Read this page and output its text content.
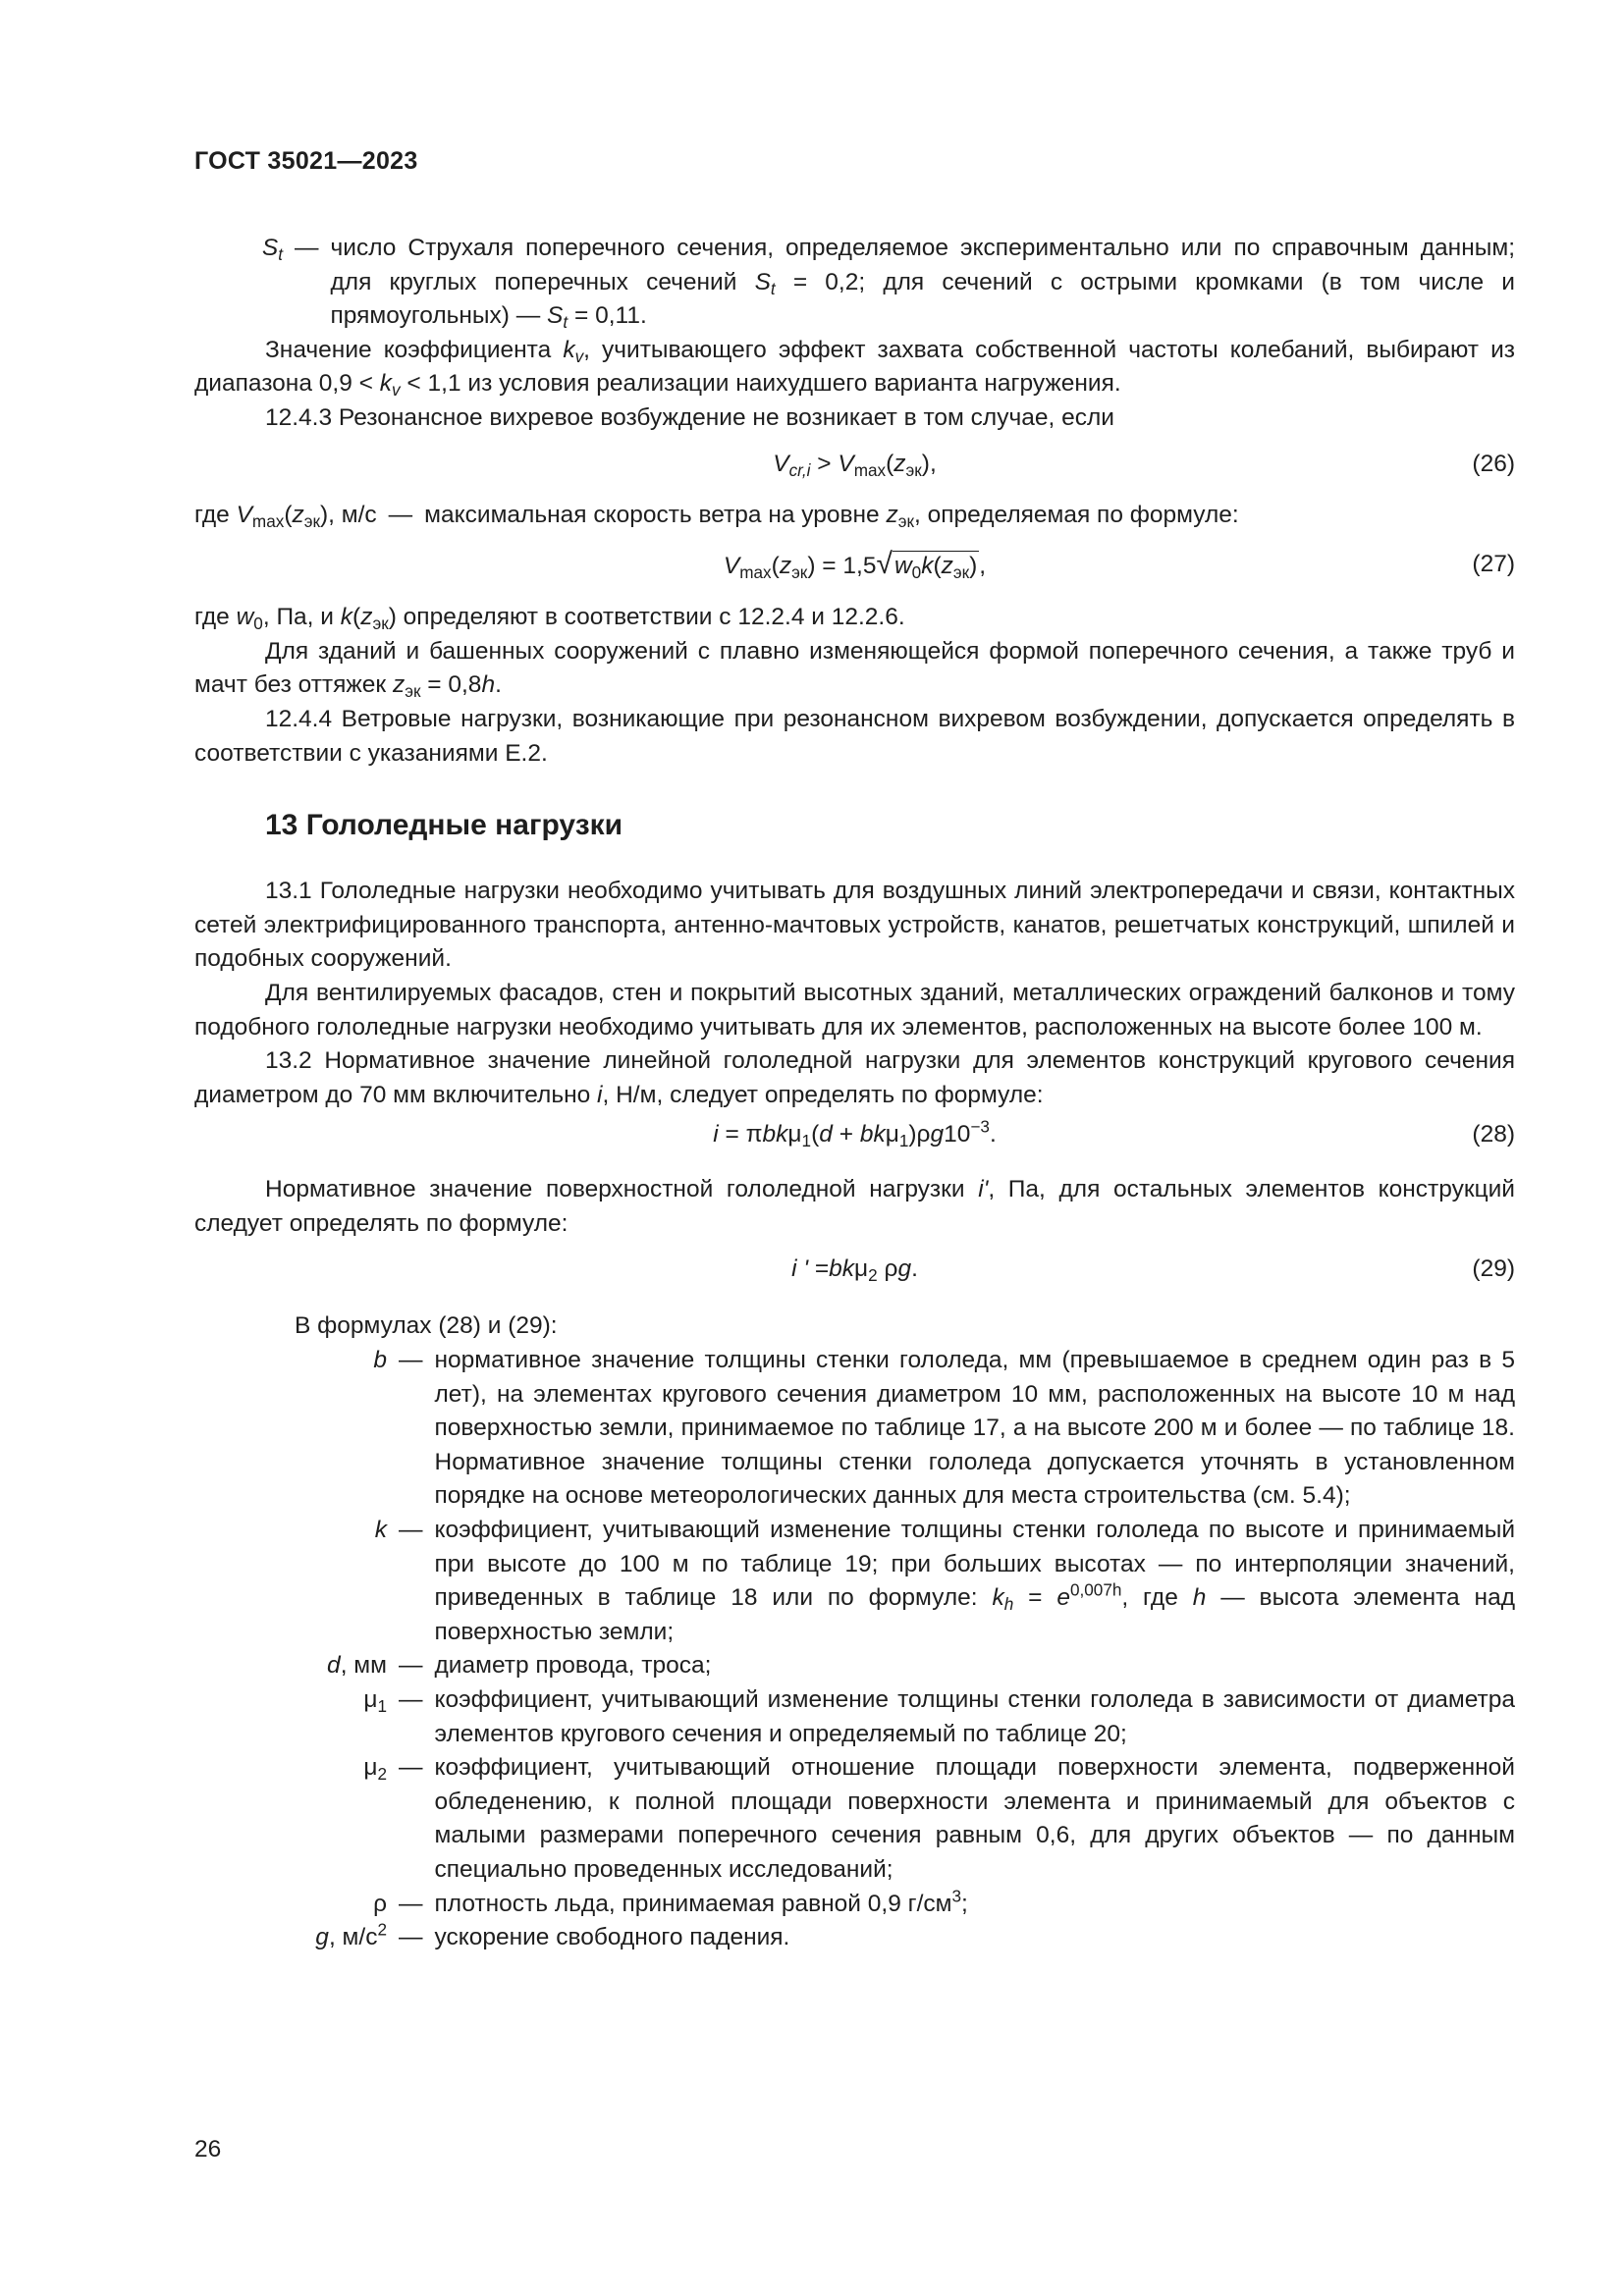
ГОСТ 35021—2023
$S_t$ — число Струхаля поперечного сечения, определяемое экспериментально или по справочным данным; для круглых поперечных сечений $S_t = 0,2$; для сечений с острыми кромками (в том числе и прямоугольных) — $S_t = 0,11$.

Значение коэффициента $k_v$, учитывающего эффект захвата собственной частоты колебаний, выбирают из диапазона $0,9 < k_v < 1,1$ из условия реализации наихудшего варианта нагружения.

12.4.3 Резонансное вихревое возбуждение не возникает в том случае, если

$V_{cr,i} > V_{max}(z_{эк})$,	(26)
где $V_{max}(z_{эк})$, м/с — максимальная скорость ветра на уровне $z_{эк}$, определяемая по формуле:
$V_{max}(z_{эк}) = 1,5√w_0k(z_{эк})$,	(27)

где $w_0$, Па, и $k(z_{эк})$ определяют в соответствии с 12.2.4 и 12.2.6.

Для зданий и башенных сооружений с плавно изменяющейся формой поперечного сечения, а также труб и мачт без оттяжек $z_{эк} = 0,8h$.

12.4.4 Ветровые нагрузки, возникающие при резонансном вихревом возбуждении, допускается определять в соответствии с указаниями Е.2.

13 Гололедные нагрузки

13.1 Гололедные нагрузки необходимо учитывать для воздушных линий электропередачи и связи, контактных сетей электрифицированного транспорта, антенно-мачтовых устройств, канатов, решетчатых конструкций, шпилей и подобных сооружений.

Для вентилируемых фасадов, стен и покрытий высотных зданий, металлических ограждений балконов и тому подобного гололедные нагрузки необходимо учитывать для их элементов, расположенных на высоте более 100 м.

13.2 Нормативное значение линейной гололедной нагрузки для элементов конструкций кругового сечения диаметром до 70 мм включительно i, Н/м, следует определять по формуле:

$i = \pi bk\mu_1(d + bk\mu_1)\rho g10^{-3}$.	(28)

Нормативное значение поверхностной гололедной нагрузки i', Па, для остальных элементов конструкций следует определять по формуле:

i ' =bkμ$_2$ ρg.	(29)

В формулах (28) и (29):

b — нормативное значение толщины стенки гололеда, мм (превышаемое в среднем один раз в 5 лет), на элементах кругового сечения диаметром 10 мм, расположенных на высоте 10 м над поверхностью земли, принимаемое по таблице 17, а на высоте 200 м и более — по таблице 18. Нормативное значение толщины стенки гололеда допускается уточнять в установленном порядке на основе метеорологических данных для места строительства (см. 5.4);
k — коэффициент, учитывающий изменение толщины стенки гололеда по высоте и принимаемый при высоте до 100 м по таблице 19; при больших высотах — по интерполяции значений, приведенных в таблице 18 или по формуле: $k_h = e^{0,007h}$, где h — высота элемента над поверхностью земли;
d, мм — диаметр провода, троса;
$\mu_1$ — коэффициент, учитывающий изменение толщины стенки гололеда в зависимости от диаметра элементов кругового сечения и определяемый по таблице 20;
$\mu_2$ — коэффициент, учитывающий отношение площади поверхности элемента, подверженной обледенению, к полной площади поверхности элемента и принимаемый для объектов с малыми размерами поперечного сечения равным 0,6, для других объектов — по данным специально проведенных исследований;
ρ — плотность льда, принимаемая равной 0,9 $г/см^3$;
g, $м/с^2$ — ускорение свободного падения.
26
